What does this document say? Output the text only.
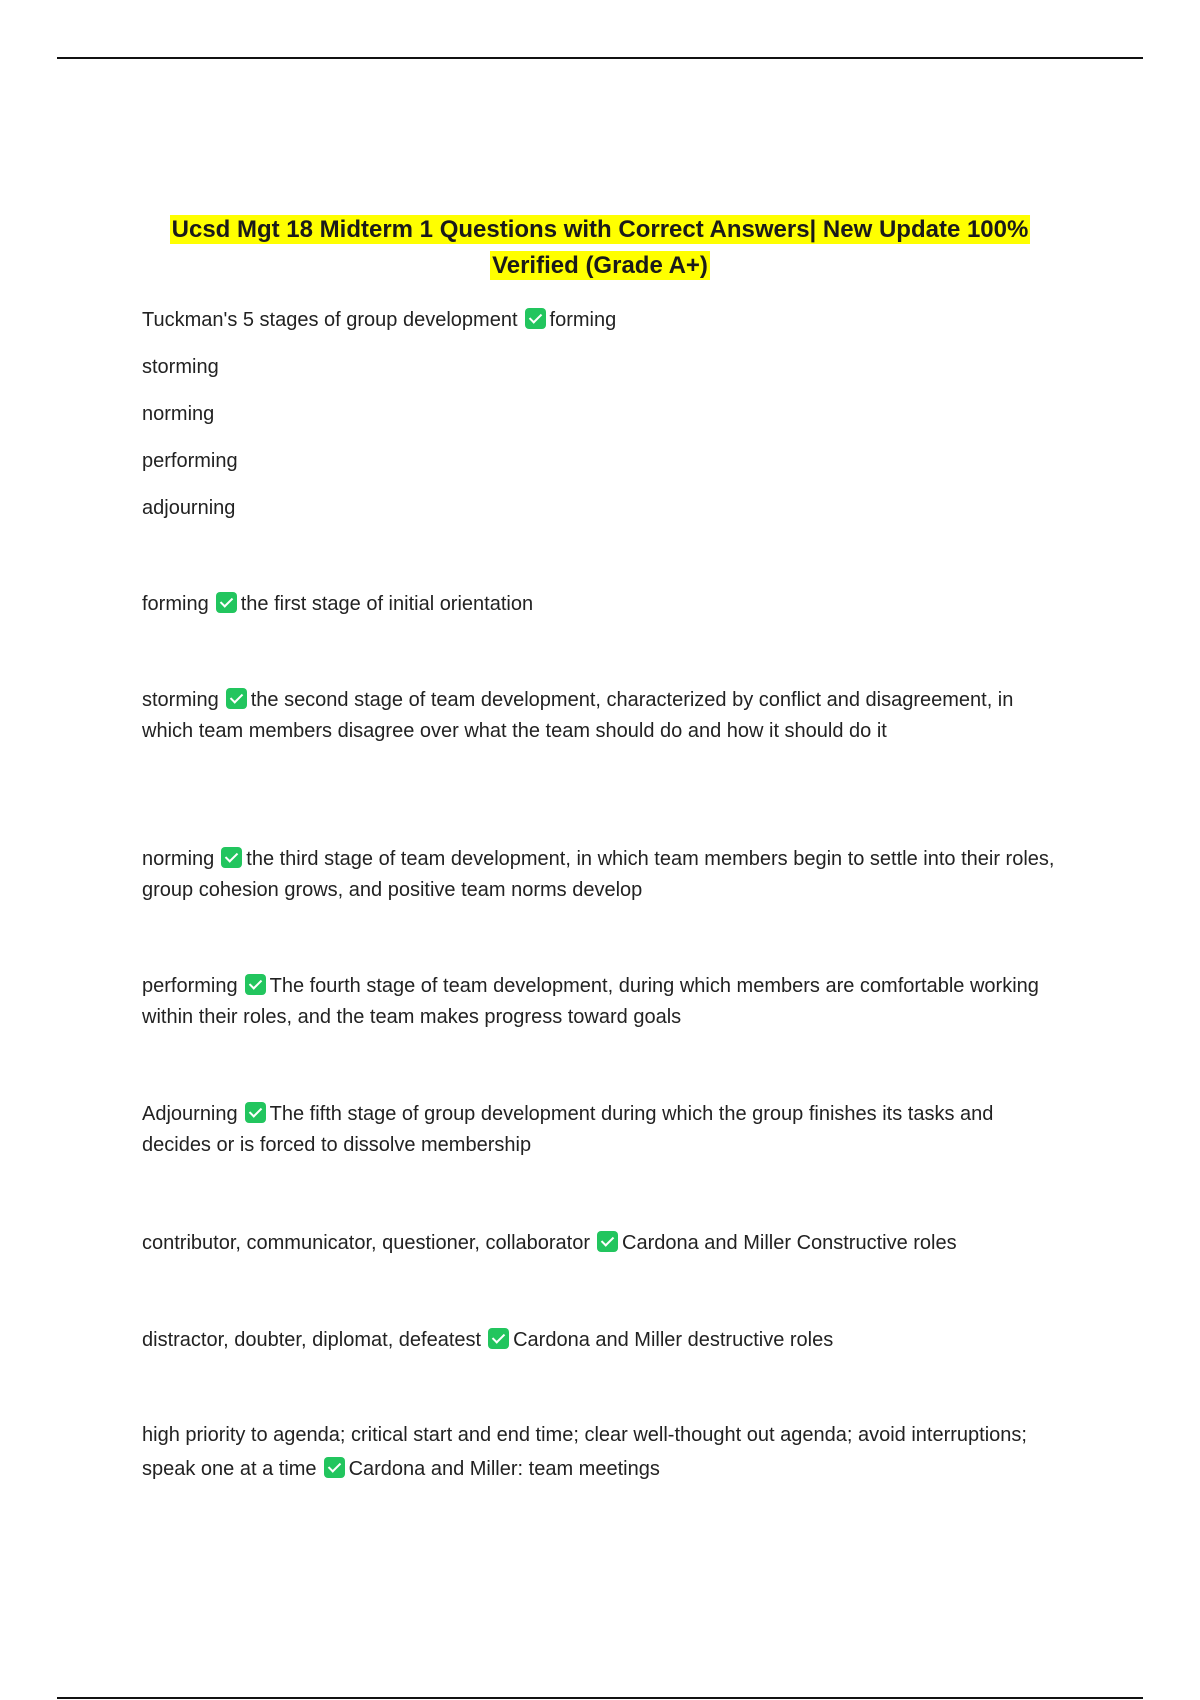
Ucsd Mgt 18 Midterm 1 Questions with Correct Answers| New Update 100% Verified (Grade A+)

Tuckman's 5 stages of group development forming

storming

norming

performing

adjourning

forming the first stage of initial orientation

storming the second stage of team development, characterized by conflict and disagreement, in which team members disagree over what the team should do and how it should do it

norming the third stage of team development, in which team members begin to settle into their roles, group cohesion grows, and positive team norms develop

performing The fourth stage of team development, during which members are comfortable working within their roles, and the team makes progress toward goals

Adjourning The fifth stage of group development during which the group finishes its tasks and decides or is forced to dissolve membership

contributor, communicator, questioner, collaborator Cardona and Miller Constructive roles

distractor, doubter, diplomat, defeatest Cardona and Miller destructive roles

high priority to agenda; critical start and end time; clear well-thought out agenda; avoid interruptions; speak one at a time Cardona and Miller: team meetings
